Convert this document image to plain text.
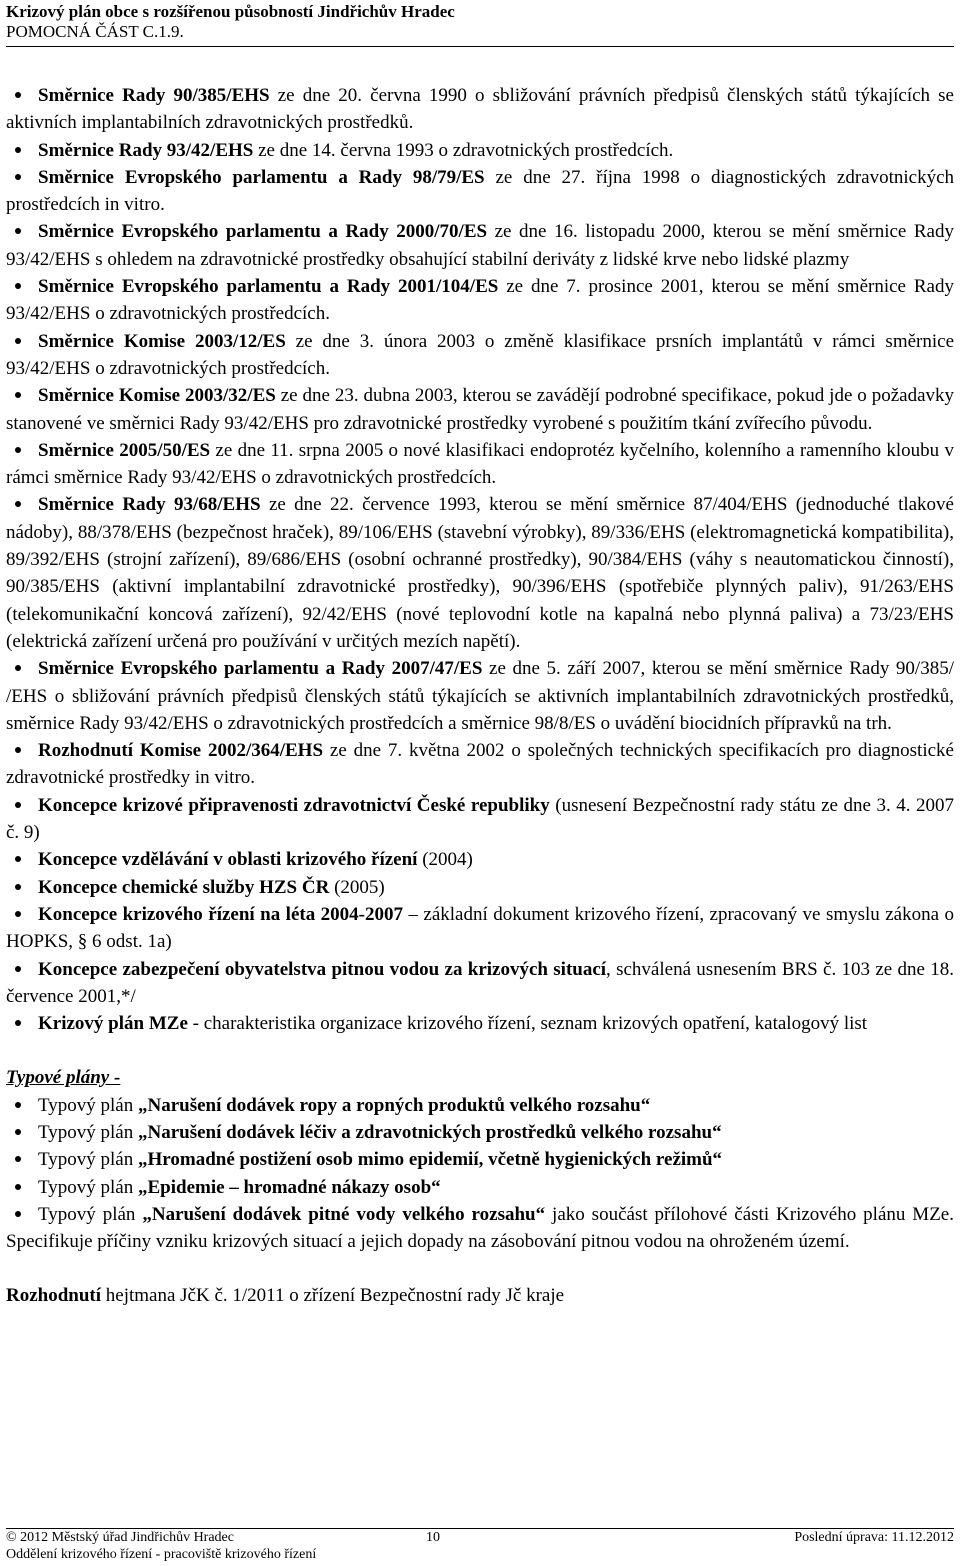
Krizový plán obce s rozšířenou působností Jindřichův Hradec
POMOCNÁ ČÁST C.1.9.
Směrnice Rady 90/385/EHS ze dne 20. června 1990 o sbližování právních předpisů členských států týkajících se aktivních implantabilních zdravotnických prostředků.
Směrnice Rady 93/42/EHS ze dne 14. června 1993 o zdravotnických prostředcích.
Směrnice Evropského parlamentu a Rady 98/79/ES ze dne 27. října 1998 o diagnostických zdravotnických prostředcích in vitro.
Směrnice Evropského parlamentu a Rady 2000/70/ES ze dne 16. listopadu 2000, kterou se mění směrnice Rady 93/42/EHS s ohledem na zdravotnické prostředky obsahující stabilní deriváty z lidské krve nebo lidské plazmy
Směrnice Evropského parlamentu a Rady 2001/104/ES ze dne 7. prosince 2001, kterou se mění směrnice Rady 93/42/EHS o zdravotnických prostředcích.
Směrnice Komise 2003/12/ES ze dne 3. února 2003 o změně klasifikace prsních implantátů v rámci směrnice 93/42/EHS o zdravotnických prostředcích.
Směrnice Komise 2003/32/ES ze dne 23. dubna 2003, kterou se zavádějí podrobné specifikace, pokud jde o požadavky stanovené ve směrnici Rady 93/42/EHS pro zdravotnické prostředky vyrobené s použitím tkání zvířecího původu.
Směrnice 2005/50/ES ze dne 11. srpna 2005 o nové klasifikaci endoprotéz kyčelního, kolenního a ramenního kloubu v rámci směrnice Rady 93/42/EHS o zdravotnických prostředcích.
Směrnice Rady 93/68/EHS ze dne 22. července 1993, kterou se mění směrnice 87/404/EHS (jednoduché tlakové nádoby), 88/378/EHS (bezpečnost hraček), 89/106/EHS (stavební výrobky), 89/336/EHS (elektromagnetická kompatibilita), 89/392/EHS (strojní zařízení), 89/686/EHS (osobní ochranné prostředky), 90/384/EHS (váhy s neautomatickou činností), 90/385/EHS (aktivní implantabilní zdravotnické prostředky), 90/396/EHS (spotřebiče plynných paliv), 91/263/EHS (telekomunikační koncová zařízení), 92/42/EHS (nové teplovodní kotle na kapalná nebo plynná paliva) a 73/23/EHS (elektrická zařízení určená pro používání v určitých mezích napětí).
Směrnice Evropského parlamentu a Rady 2007/47/ES ze dne 5. září 2007, kterou se mění směrnice Rady 90/385/ /EHS o sbližování právních předpisů členských států týkajících se aktivních implantabilních zdravotnických prostředků, směrnice Rady 93/42/EHS o zdravotnických prostředcích a směrnice 98/8/ES o uvádění biocidních přípravků na trh.
Rozhodnutí Komise 2002/364/EHS ze dne 7. května 2002 o společných technických specifikacích pro diagnostické zdravotnické prostředky in vitro.
Koncepce krizové připravenosti zdravotnictví České republiky (usnesení Bezpečnostní rady státu ze dne 3. 4. 2007 č. 9)
Koncepce vzdělávání v oblasti krizového řízení (2004)
Koncepce chemické služby HZS ČR (2005)
Koncepce krizového řízení na léta 2004-2007 – základní dokument krizového řízení, zpracovaný ve smyslu zákona o HOPKS, § 6 odst. 1a)
Koncepce zabezpečení obyvatelstva pitnou vodou za krizových situací, schválená usnesením BRS č. 103 ze dne 18. července 2001,*/
Krizový plán MZe - charakteristika organizace krizového řízení, seznam krizových opatření, katalogový list
Typové plány -
Typový plán „Narušení dodávek ropy a ropných produktů velkého rozsahu“
Typový plán „Narušení dodávek léčiv a zdravotnických prostředků velkého rozsahu“
Typový plán „Hromadné postižení osob mimo epidemií, včetně hygienických režimů“
Typový plán „Epidemie – hromadné nákazy osob“
Typový plán „Narušení dodávek pitné vody velkého rozsahu“ jako součást přílohové části Krizového plánu MZe. Specifikuje příčiny vzniku krizových situací a jejich dopady na zásobování pitnou vodou na ohroženém území.
Rozhodnutí hejtmana JčK č. 1/2011 o zřízení Bezpečnostní rady Jč kraje
© 2012 Městský úřad Jindřichův Hradec	10	Poslední úprava: 11.12.2012
Oddělení krizového řízení - pracoviště krizového řízení
